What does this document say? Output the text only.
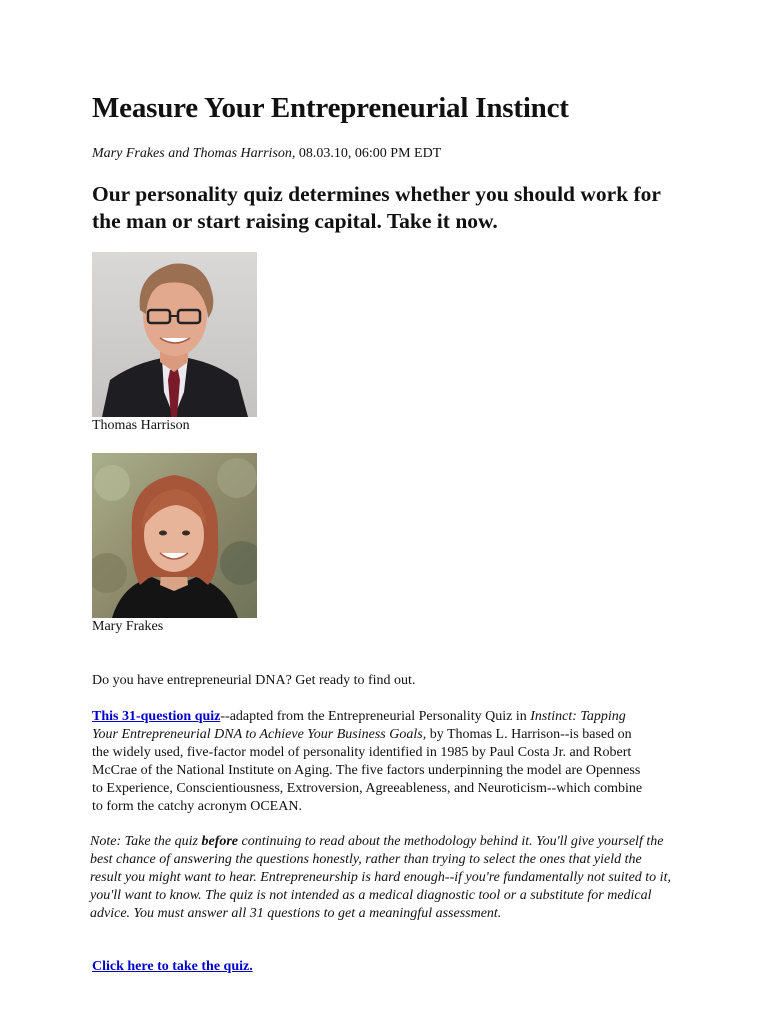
Measure Your Entrepreneurial Instinct
Mary Frakes and Thomas Harrison, 08.03.10, 06:00 PM EDT
Our personality quiz determines whether you should work for the man or start raising capital. Take it now.
Thomas Harrison
Mary Frakes

Do you have entrepreneurial DNA? Get ready to find out.

This 31-question quiz--adapted from the Entrepreneurial Personality Quiz in Instinct: Tapping Your Entrepreneurial DNA to Achieve Your Business Goals, by Thomas L. Harrison--is based on the widely used, five-factor model of personality identified in 1985 by Paul Costa Jr. and Robert McCrae of the National Institute on Aging. The five factors underpinning the model are Openness to Experience, Conscientiousness, Extroversion, Agreeableness, and Neuroticism--which combine to form the catchy acronym OCEAN.

Note: Take the quiz before continuing to read about the methodology behind it. You'll give yourself the best chance of answering the questions honestly, rather than trying to select the ones that yield the result you might want to hear. Entrepreneurship is hard enough--if you're fundamentally not suited to it, you'll want to know. The quiz is not intended as a medical diagnostic tool or a substitute for medical advice. You must answer all 31 questions to get a meaningful assessment.

Click here to take the quiz.
